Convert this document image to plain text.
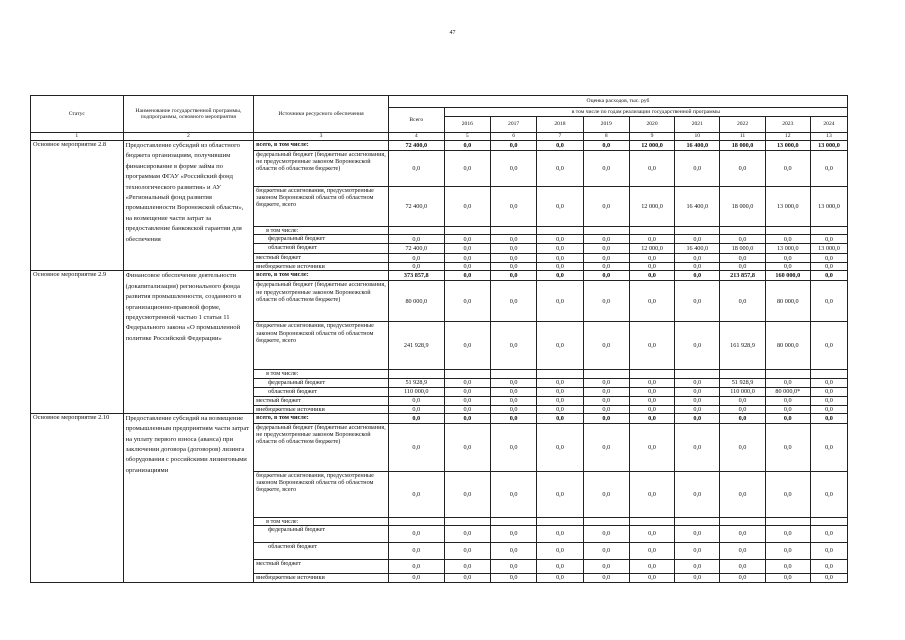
47
Статус	Наименование государственной программы, подпрограммы, основного мероприятия	Источники ресурсного обеспечения	Оценка расходов, тыс. руб									
			Всего	в том числе по годам реализации государственной программы								
				2016	2017	2018	2019	2020	2021	2022	2023	2024
1	2	3	4	5	6	7	8	9	10	11	12	13
Основное мероприятие 2.8	Предоставление субсидий из областного бюджета организациям, получившим финансирование в форме займа по программам ФГАУ «Российский фонд технологического развития» и АУ «Региональный фонд развития промышленности Воронежской области», на возмещение части затрат за предоставление банковской гарантии для обеспечения	всего, в том числе:	72 400,0	0,0	0,0	0,0	0,0	12 000,0	16 400,0	18 000,0	13 000,0	13 000,0
		федеральный бюджет (бюджетные ассигнования, не предусмотренные законом Воронежской области об областном бюджете)	0,0	0,0	0,0	0,0	0,0	0,0	0,0	0,0	0,0	0,0
		бюджетные ассигнования, предусмотренные законом Воронежской области об областном бюджете, всего	72 400,0	0,0	0,0	0,0	0,0	12 000,0	16 400,0	18 000,0	13 000,0	13 000,0
		в том числе:										
		федеральный бюджет	0,0	0,0	0,0	0,0	0,0	0,0	0,0	0,0	0,0	0,0
		областной бюджет	72 400,0	0,0	0,0	0,0	0,0	12 000,0	16 400,0	18 000,0	13 000,0	13 000,0
		местный бюджет	0,0	0,0	0,0	0,0	0,0	0,0	0,0	0,0	0,0	0,0
		внебюджетные источники	0,0	0,0	0,0	0,0	0,0	0,0	0,0	0,0	0,0	0,0
Основное мероприятие 2.9	Финансовое обеспечение деятельности (докапитализация) регионального фонда развития промышленности, созданного в организационно-правовой форме, предусмотренной частью 1 статьи 11 Федерального закона «О промышленной политике Российской Федерации»	всего, в том числе:	373 857,8	0,0	0,0	0,0	0,0	0,0	0,0	213 857,8	160 000,0	0,0
		федеральный бюджет (бюджетные ассигнования, не предусмотренные законом Воронежской области об областном бюджете)	80 000,0	0,0	0,0	0,0	0,0	0,0	0,0	0,0	80 000,0	0,0
		бюджетные ассигнования, предусмотренные законом Воронежской области об областном бюджете, всего	241 928,9	0,0	0,0	0,0	0,0	0,0	0,0	161 928,9	80 000,0	0,0
		в том числе:										
		федеральный бюджет	51 928,9	0,0	0,0	0,0	0,0	0,0	0,0	51 928,9	0,0	0,0
		областной бюджет	110 000,0	0,0	0,0	0,0	0,0	0,0	0,0	110 000,0	80 000,0*	0,0
		местный бюджет	0,0	0,0	0,0	0,0	0,0	0,0	0,0	0,0	0,0	0,0
		внебюджетные источники	0,0	0,0	0,0	0,0	0,0	0,0	0,0	0,0	0,0	0,0
Основное мероприятие 2.10	Предоставление субсидий на возмещение промышленным предприятиям части затрат на уплату первого взноса (аванса) при заключении договора (договоров) лизинга оборудования с российскими лизинговыми организациями	всего, в том числе:	0,0	0,0	0,0	0,0	0,0	0,0	0,0	0,0	0,0	0,0
		федеральный бюджет (бюджетные ассигнования, не предусмотренные законом Воронежской области об областном бюджете)	0,0	0,0	0,0	0,0	0,0	0,0	0,0	0,0	0,0	0,0
		бюджетные ассигнования, предусмотренные законом Воронежской области об областном бюджете, всего	0,0	0,0	0,0	0,0	0,0	0,0	0,0	0,0	0,0	0,0
		в том числе:										
		федеральный бюджет	0,0	0,0	0,0	0,0	0,0	0,0	0,0	0,0	0,0	0,0
		областной бюджет	0,0	0,0	0,0	0,0	0,0	0,0	0,0	0,0	0,0	0,0
		местный бюджет	0,0	0,0	0,0	0,0	0,0	0,0	0,0	0,0	0,0	0,0
		внебюджетные источники	0,0	0,0	0,0	0,0	0,0	0,0	0,0	0,0	0,0	0,0
